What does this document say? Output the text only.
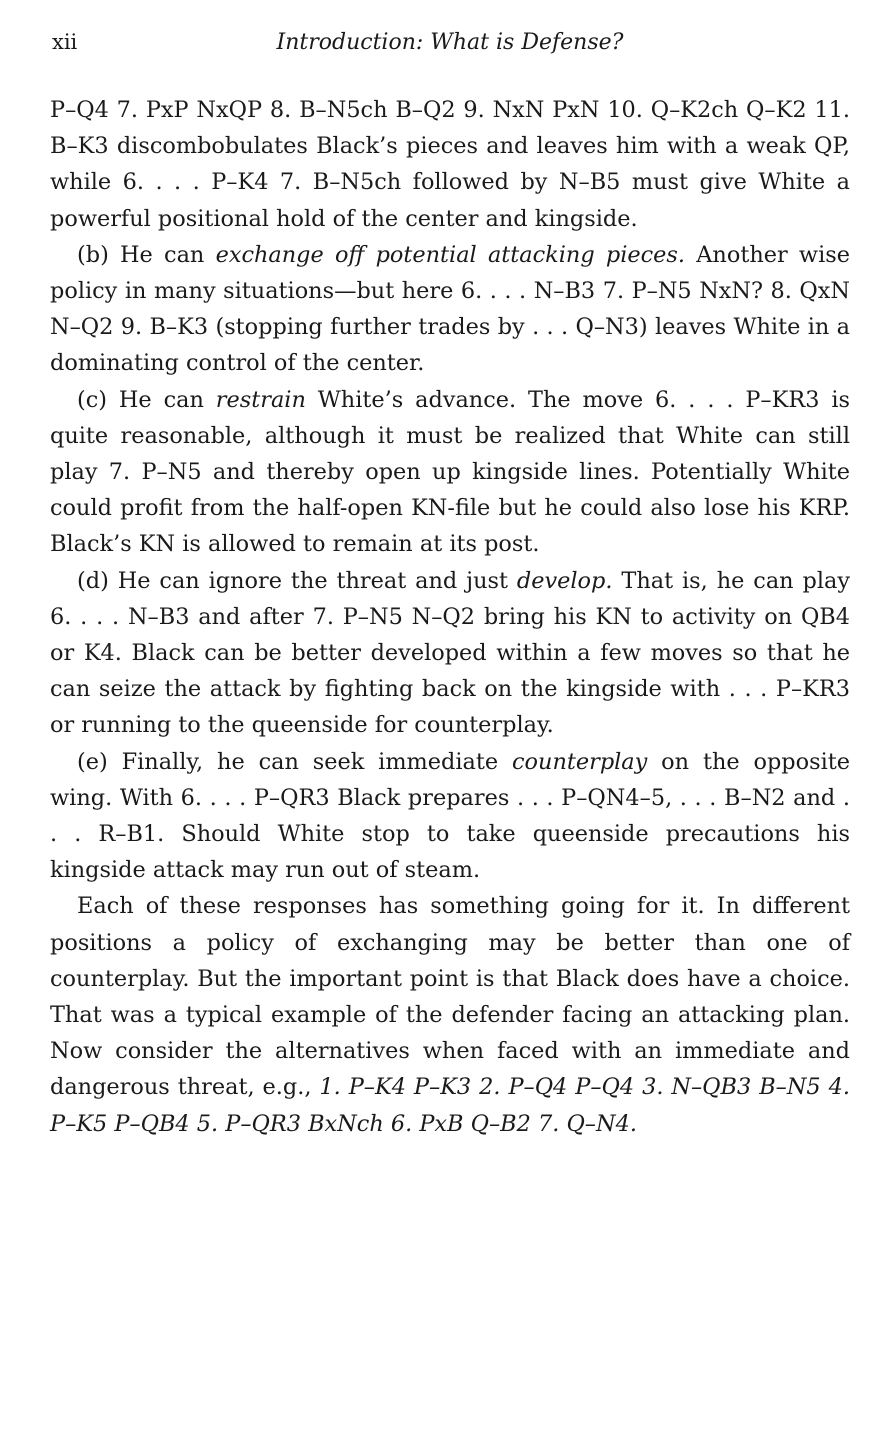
xii	Introduction: What is Defense?

P–Q4 7. PxP NxQP 8. B–N5ch B–Q2 9. NxN PxN 10. Q–K2ch Q–K2 11. B–K3 discombobulates Black’s pieces and leaves him with a weak QP, while 6. . . . P–K4 7. B–N5ch followed by N–B5 must give White a powerful positional hold of the center and kingside.

(b) He can exchange off potential attacking pieces. Another wise policy in many situations—but here 6. . . . N–B3 7. P–N5 NxN? 8. QxN N–Q2 9. B–K3 (stopping further trades by . . . Q–N3) leaves White in a dominating control of the center.

(c) He can restrain White’s advance. The move 6. . . . P–KR3 is quite reasonable, although it must be realized that White can still play 7. P–N5 and thereby open up kingside lines. Potentially White could profit from the half-open KN-file but he could also lose his KRP. Black’s KN is allowed to remain at its post.

(d) He can ignore the threat and just develop. That is, he can play 6. . . . N–B3 and after 7. P–N5 N–Q2 bring his KN to activity on QB4 or K4. Black can be better developed within a few moves so that he can seize the attack by fighting back on the kingside with . . . P–KR3 or running to the queenside for counterplay.

(e) Finally, he can seek immediate counterplay on the opposite wing. With 6. . . . P–QR3 Black prepares . . . P–QN4–5, . . . B–N2 and . . . R–B1. Should White stop to take queenside precautions his kingside attack may run out of steam.

Each of these responses has something going for it. In different positions a policy of exchanging may be better than one of counterplay. But the important point is that Black does have a choice. That was a typical example of the defender facing an attacking plan. Now consider the alternatives when faced with an immediate and dangerous threat, e.g., 1. P–K4 P–K3 2. P–Q4 P–Q4 3. N–QB3 B–N5 4. P–K5 P–QB4 5. P–QR3 BxNch 6. PxB Q–B2 7. Q–N4.
